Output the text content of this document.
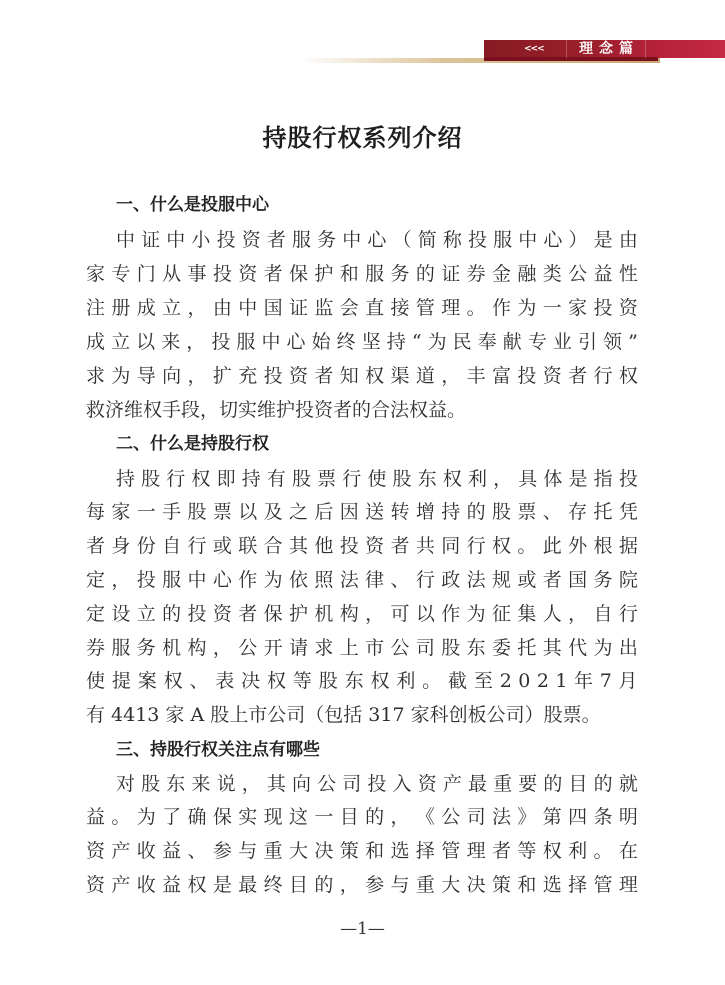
<<<	理念篇
持股行权系列介绍
一、什么是投服中心
中 证 中 小 投 资 者 服 务 中 心 （ 简 称 投 服 中 心 ） 是 由
家 专 门 从 事 投 资 者 保 护 和 服 务 的 证 券 金 融 类 公 益 性
注 册 成 立 ， 由 中 国 证 监 会 直 接 管 理 。 作 为 一 家 投 资
成 立 以 来 ， 投 服 中 心 始 终 坚 持 “ 为 民 奉 献 专 业 引 领 ”
求 为 导 向 ， 扩 充 投 资 者 知 权 渠 道 ， 丰 富 投 资 者 行 权
救济维权手段，切实维护投资者的合法权益。
二、什么是持股行权
持 股 行 权 即 持 有 股 票 行 使 股 东 权 利 ， 具 体 是 指 投
每 家 一 手 股 票 以 及 之 后 因 送 转 增 持 的 股 票 、 存 托 凭
者 身 份 自 行 或 联 合 其 他 投 资 者 共 同 行 权 。 此 外 根 据
定 ， 投 服 中 心 作 为 依 照 法 律 、 行 政 法 规 或 者 国 务 院
定 设 立 的 投 资 者 保 护 机 构 ， 可 以 作 为 征 集 人 ， 自 行
券 服 务 机 构 ， 公 开 请 求 上 市 公 司 股 东 委 托 其 代 为 出
使 提 案 权 、 表 决 权 等 股 东 权 利 。 截 至 2 0 2 1 年 7 月
有 4413 家 A 股上市公司（包括 317 家科创板公司）股票。
三、持股行权关注点有哪些
对 股 东 来 说 ， 其 向 公 司 投 入 资 产 最 重 要 的 目 的 就
益 。 为 了 确 保 实 现 这 一 目 的 ， 《 公 司 法 》 第 四 条 明
资 产 收 益 、 参 与 重 大 决 策 和 选 择 管 理 者 等 权 利 。 在
资 产 收 益 权 是 最 终 目 的 ， 参 与 重 大 决 策 和 选 择 管 理
—1—
